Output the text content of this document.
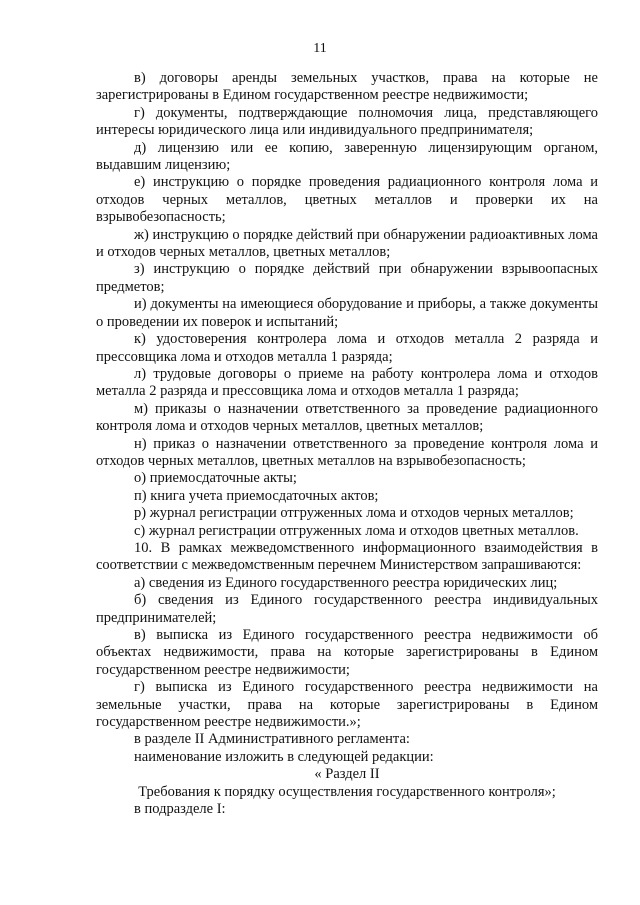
11

в) договоры аренды земельных участков, права на которые не зарегистрированы в Едином государственном реестре недвижимости;

г) документы, подтверждающие полномочия лица, представляющего интересы юридического лица или индивидуального предпринимателя;

д) лицензию или ее копию, заверенную лицензирующим органом, выдавшим лицензию;

е) инструкцию о порядке проведения радиационного контроля лома и отходов черных металлов, цветных металлов и проверки их на взрывобезопасность;

ж) инструкцию о порядке действий при обнаружении радиоактивных лома и отходов черных металлов, цветных металлов;

з) инструкцию о порядке действий при обнаружении взрывоопасных предметов;

и) документы на имеющиеся оборудование и приборы, а также документы о проведении их поверок и испытаний;

к) удостоверения контролера лома и отходов металла 2 разряда и прессовщика лома и отходов металла 1 разряда;

л) трудовые договоры о приеме на работу контролера лома и отходов металла 2 разряда и прессовщика лома и отходов металла 1 разряда;

м) приказы о назначении ответственного за проведение радиационного контроля лома и отходов черных металлов, цветных металлов;

н) приказ о назначении ответственного за проведение контроля лома и отходов черных металлов, цветных металлов на взрывобезопасность;

о) приемосдаточные акты;

п) книга учета приемосдаточных актов;

р) журнал регистрации отгруженных лома и отходов черных металлов;

с) журнал регистрации отгруженных лома и отходов цветных металлов.

10. В рамках межведомственного информационного взаимодействия в соответствии с межведомственным перечнем Министерством запрашиваются:

а) сведения из Единого государственного реестра юридических лиц;

б) сведения из Единого государственного реестра индивидуальных предпринимателей;

в) выписка из Единого государственного реестра недвижимости об объектах недвижимости, права на которые зарегистрированы в Едином государственном реестре недвижимости;

г) выписка из Единого государственного реестра недвижимости на земельные участки, права на которые зарегистрированы в Едином государственном реестре недвижимости.»;

в разделе II Административного регламента:

наименование изложить в следующей редакции:

« Раздел II

Требования к порядку осуществления государственного контроля»;

в подразделе I:
